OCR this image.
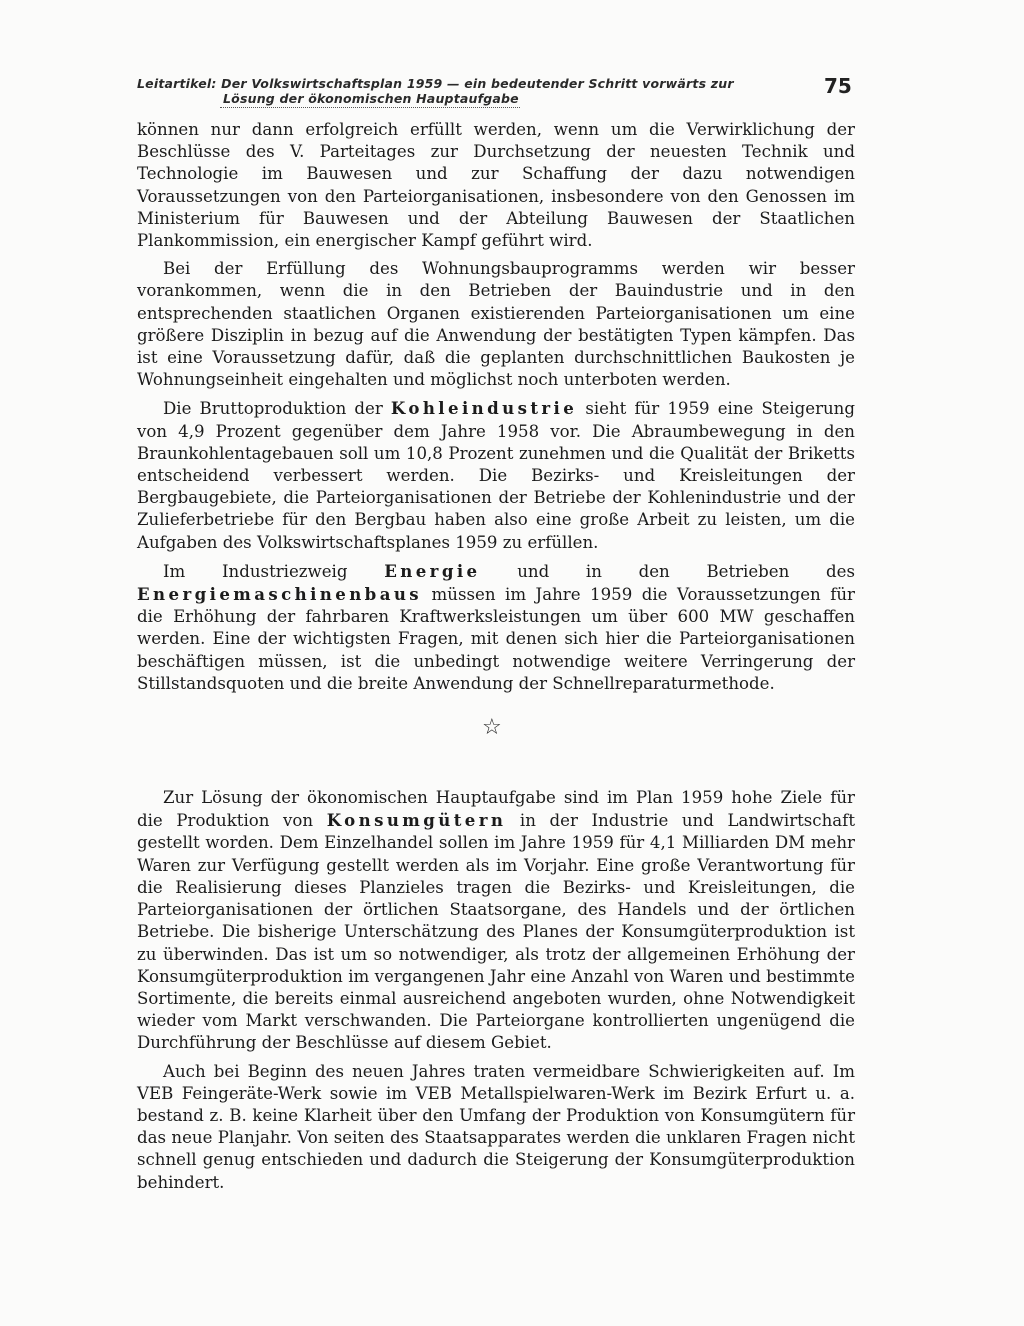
Leitartikel: Der Volkswirtschaftsplan 1959 — ein bedeutender Schritt vorwärts zur
Lösung der ökonomischen Hauptaufgabe
75

können nur dann erfolgreich erfüllt werden, wenn um die Verwirklichung der Beschlüsse des V. Parteitages zur Durchsetzung der neuesten Technik und Technologie im Bauwesen und zur Schaffung der dazu notwendigen Voraussetzungen von den Parteiorganisationen, insbesondere von den Genossen im Ministerium für Bauwesen und der Abteilung Bauwesen der Staatlichen Plankommission, ein energischer Kampf geführt wird.

Bei der Erfüllung des Wohnungsbauprogramms werden wir besser vorankommen, wenn die in den Betrieben der Bauindustrie und in den entsprechenden staatlichen Organen existierenden Parteiorganisationen um eine größere Disziplin in bezug auf die Anwendung der bestätigten Typen kämpfen. Das ist eine Voraussetzung dafür, daß die geplanten durchschnittlichen Baukosten je Wohnungseinheit eingehalten und möglichst noch unterboten werden.

Die Bruttoproduktion der Kohleindustrie sieht für 1959 eine Steigerung von 4,9 Prozent gegenüber dem Jahre 1958 vor. Die Abraumbewegung in den Braunkohlentagebauen soll um 10,8 Prozent zunehmen und die Qualität der Briketts entscheidend verbessert werden. Die Bezirks- und Kreisleitungen der Bergbaugebiete, die Parteiorganisationen der Betriebe der Kohlenindustrie und der Zulieferbetriebe für den Bergbau haben also eine große Arbeit zu leisten, um die Aufgaben des Volkswirtschaftsplanes 1959 zu erfüllen.

Im Industriezweig Energie und in den Betrieben des Energiemaschinenbaus müssen im Jahre 1959 die Voraussetzungen für die Erhöhung der fahrbaren Kraftwerksleistungen um über 600 MW geschaffen werden. Eine der wichtigsten Fragen, mit denen sich hier die Parteiorganisationen beschäftigen müssen, ist die unbedingt notwendige weitere Verringerung der Stillstandsquoten und die breite Anwendung der Schnellreparaturmethode.

☆

Zur Lösung der ökonomischen Hauptaufgabe sind im Plan 1959 hohe Ziele für die Produktion von Konsumgütern in der Industrie und Landwirtschaft gestellt worden. Dem Einzelhandel sollen im Jahre 1959 für 4,1 Milliarden DM mehr Waren zur Verfügung gestellt werden als im Vorjahr. Eine große Verantwortung für die Realisierung dieses Planzieles tragen die Bezirks- und Kreisleitungen, die Parteiorganisationen der örtlichen Staatsorgane, des Handels und der örtlichen Betriebe. Die bisherige Unterschätzung des Planes der Konsumgüterproduktion ist zu überwinden. Das ist um so notwendiger, als trotz der allgemeinen Erhöhung der Konsumgüterproduktion im vergangenen Jahr eine Anzahl von Waren und bestimmte Sortimente, die bereits einmal ausreichend angeboten wurden, ohne Notwendigkeit wieder vom Markt verschwanden. Die Parteiorgane kontrollierten ungenügend die Durchführung der Beschlüsse auf diesem Gebiet.

Auch bei Beginn des neuen Jahres traten vermeidbare Schwierigkeiten auf. Im VEB Feingeräte-Werk sowie im VEB Metallspielwaren-Werk im Bezirk Erfurt u. a. bestand z. B. keine Klarheit über den Umfang der Produktion von Konsumgütern für das neue Planjahr. Von seiten des Staatsapparates werden die unklaren Fragen nicht schnell genug entschieden und dadurch die Steigerung der Konsumgüterproduktion behindert.
